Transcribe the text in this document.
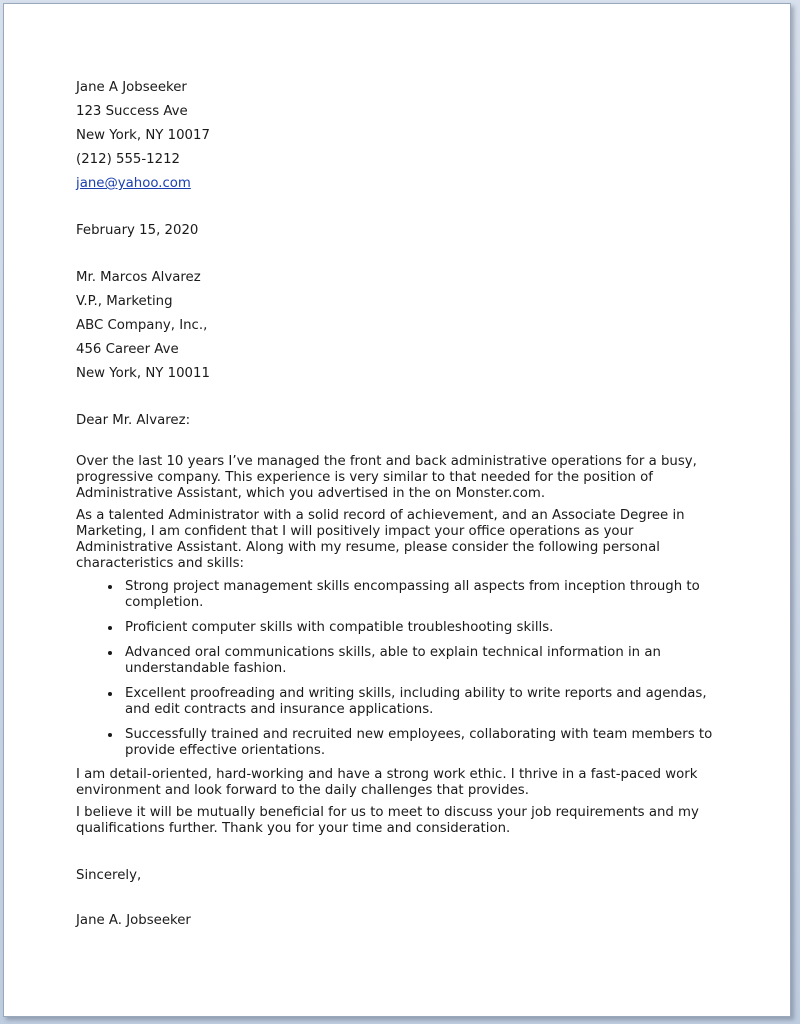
Jane A Jobseeker
123 Success Ave
New York, NY 10017
(212) 555-1212
jane@yahoo.com
February 15, 2020
Mr. Marcos Alvarez
V.P., Marketing
ABC Company, Inc.,
456 Career Ave
New York, NY 10011
Dear Mr. Alvarez:

Over the last 10 years I’ve managed the front and back administrative operations for a busy, progressive company. This experience is very similar to that needed for the position of Administrative Assistant, which you advertised in the on Monster.com.

As a talented Administrator with a solid record of achievement, and an Associate Degree in Marketing, I am confident that I will positively impact your office operations as your Administrative Assistant. Along with my resume, please consider the following personal characteristics and skills:

• Strong project management skills encompassing all aspects from inception through to completion.
• Proficient computer skills with compatible troubleshooting skills.
• Advanced oral communications skills, able to explain technical information in an understandable fashion.
• Excellent proofreading and writing skills, including ability to write reports and agendas, and edit contracts and insurance applications.
• Successfully trained and recruited new employees, collaborating with team members to provide effective orientations.

I am detail-oriented, hard-working and have a strong work ethic. I thrive in a fast-paced work environment and look forward to the daily challenges that provides.

I believe it will be mutually beneficial for us to meet to discuss your job requirements and my qualifications further. Thank you for your time and consideration.

Sincerely,
Jane A. Jobseeker
